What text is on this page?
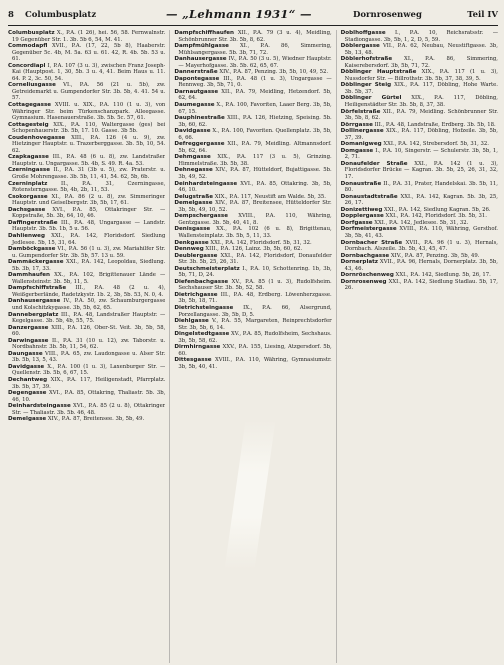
8 Columbusplatz	— „Lehmann 1931“ —	Dornrosenweg	Teil IV

Columbusplatz X., P.A. (1 26), hei. 56, 58. Fernwalnstr. 19 Gegenüber Str. 1. 3b. 5b 6, 54, M. 41.

Commodapfl XVII., P.A. (17, 22, 5b 8), Haaberstr. Gegenüber 5c. 4b, M. 5a. 63 u. 61. 42, R. 4b. 5b. 53 u. 61.

Concordiapl I, P.A. 107 (3 u. 3), zwischen Franz Joseph-Kai (Hauptpost. 1, 30, 5b. 3 u. 4, 41. Beim Haus u. 11. 64. P. 2, 3c. 50, 54.

Corneliusgasse VI., P.A. 56 (21 u. 5b), zw. Getreidemarkt u. Gumpendorfer Str. 3b. 5b, 4. 41. 54 u. 57.

Cottagegasse XVIII. u. XIX., P.A. 110 (1 u. 3), von Währinger Str. beim Türkenschanzpark. Alleegasse. Gymnasium. Hasenauerstraße. 3b. 5b. 5c. 57, 61.

Cottagesteig XIX., P.A. 110, Waltergasse (ges) bei Schopenhauerstr. 3b. 5b, 17. 10. Gasse. 3b 5b.

Coudenhovegasse XIII., P.A. 126 (4 u. 9), zw. Hietzinger Hauptstr. u. Trazerberggasse. 3b. 5b, 10, 54. 62.

Czapkagasse III., P.A. 48 (6 u. 8), zw. Landstraßer Hauptstr. u. Ungargasse. 5b. 4b, S. 49. R. 4a. 53.

Czerningasse II., P.A. 31 (3b u. 5), zw. Praterstr. u. Große Mohrengasse. 3b. 5b, 11, 41, 54. 62, 5b, 6b.

Czerninplatz	II., P.A. 31, Czerningasse, Rotensterngasse. 5b, 4b, 2b, 11, 53.

Csokorgasse XI., P.A. 86 (2 u. 8), zw. Simmeringer Hauptstr. und Geiselbergstr. 3b, 5b, 17, 61.

Dachsgasse XVI., P.A. 85, Ottakringer Str. — Koppstraße, 5b. 3b, 64, 10, 46.

Daffingerstraße III., P.A. 48, Ungargasse — Landstr. Hauptstr. 3b. 5b. 1b, 5 u. 56.

Dahlienweg XXI., P.A. 142, Floridsdorf. Siedlung Jedlesee. 5b, 15, 31, 64.

Damböckgasse VI., P.A. 56 (1 u. 3), zw. Mariahilfer Str. u. Gumpendorfer Str. 3b. 5b, 57. 13 u. 59.

Dammäckergasse XXI., P.A. 142, Leopoldau, Siedlung. 5b. 3b, 17, 33.

Dammhaufen XX., P.A. 102, Brigittenauer Lände — Wallensteinstr. 3b. 5b, 11, 5.

Dampfschiffstraße III., P.A. 48 (2 u. 4), Weißgerberlände, Radetzkystr. 1b. 2, 3b, 5b. 53, N. 0, 4.

Danhausergasse IV., P.A. 50, zw. Schaumburgergasse und Kolschitzkygasse. 3b, 5b, 62, 65.

Dannebergplatz III., P.A. 48, Landstraßer Hauptstr. — Kegelgasse. 3b. 5b, 4b, 55, 75.

Danzergasse XIII., P.A. 126, Ober-St. Veit. 3b, 5b, 58, 60.

Darwingasse II., P.A. 31 (10 u. 12), zw. Taborstr. u. Nordbahnstr. 3b. 5b, 11, 54, 62.

Daungasse VIII., P.A. 65, zw. Laudongasse u. Alser Str. 3b. 5b, 13, 5, 43.

Davidgasse X., P.A. 100 (1 u. 3), Laxenburger Str. — Quellenstr. 3b. 5b, 6, 67, 15.

Dechantweg XIX., P.A. 117, Heiligenstadt, Pfarrplatz. 3b. 5b, 37, 39.

Degengasse XVI., P.A. 85, Ottakring, Thaliastr. 5b. 3b, 46, 10.

Deinhardsteingasse XVI., P.A. 85 (2 u. 8), Ottakringer Str. — Thaliastr. 3b. 5b. 46, 48.

Demelgasse XIV., P.A. 87, Breitensee. 3b, 5b, 49.

Dampfschiffhaufen XII., P.A. 79 (3 u. 4), Meidling, Schönbrunner Str. 3b. 5b, 8, 62.

Dampfmühlgasse XI., P.A. 86, Simmering, Mühlsangergasse. 5b. 3b, 71, 72.

Danhausergasse IV., P.A. 50 (3 u. 5), Wiedner Hauptstr. — Mayerhofgasse. 3b. 5b. 62, 65, 67.

Dannerstraße XIV., P.A. 87, Penzing. 3b, 5b, 10, 49, 52.

Dapontegasse III., P.A. 48 (1 u. 3), Ungargasse — Rennweg. 3b, 5b, 71, 0.

Darnautgasse XII., P.A. 79, Meidling, Hetzendorf. 5b, 62, 64.

Daumegasse X., P.A. 100, Favoriten, Laaer Berg. 3b, 5b, 67, 15.

Dauphinestraße XIII., P.A. 126, Hietzing, Speising. 5b. 3b, 60, 62.

Davidgasse X., P.A. 100, Favoriten. Quellenplatz. 3b, 5b, 6, 66.

Defreggergasse XII., P.A. 79, Meidling. Altmannsdorf. 5b, 62, 64.

Dehmgasse XIX., P.A. 117 (3 u. 5), Grinzing. Himmelstraße. 3b. 5b, 38.

Dehnegasse XIV., P.A. 87, Hütteldorf, Bujattigasse. 5b. 3b, 49, 52.

Deinhardsteingasse XVI., P.A. 85, Ottakring. 3b, 5b, 46, 10.

Delugstraße XIX., P.A. 117, Neustift am Walde. 5b, 35.

Demelgasse XIV., P.A. 87, Breitensee, Hütteldorfer Str. 3b, 5b, 49, 10, 52.

Dempschergasse XVIII., P.A. 110, Währing, Gentzgasse. 3b. 5b, 40, 41, 8.

Denisgasse XX., P.A. 102 (6 u. 8), Brigittenau, Wallensteinplatz. 3b. 5b, 5, 11, 33.

Denkgasse XXI., P.A. 142, Floridsdorf. 5b, 31, 32.

Dennweg XIII., P.A. 126, Lainz. 3b, 5b, 60, 62.

Deublergasse XXI., P.A. 142, Floridsdorf, Donaufelder Str. 3b. 5b, 25, 26, 31.

Deutschmeisterplatz I., P.A. 10, Schottenring. 1b, 3b, 5b, 71, D, 24.

Diefenbachgasse XV., P.A. 85 (1 u. 3), Rudolfsheim. Sechshauser Str. 3b. 5b, 52, 58.

Dietrichgasse III., P.A. 48, Erdberg. Löwenherzgasse. 3b, 5b, 18, 71.

Dietrichsteingasse IX., P.A. 66, Alsergrund, Porzellangasse. 3b, 5b, D, 5.

Diehlgasse V., P.A. 55, Margareten, Reinprechtsdorfer Str. 3b, 5b, 6, 14.

Dingelstedtgasse XV., P.A. 85, Rudolfsheim, Sechshaus. 3b, 5b, 58, 62.

Dirmhirngasse XXV., P.A. 155, Liesing, Atzgersdorf. 5b, 60.

Dittesgasse XVIII., P.A. 110, Währing, Gymnasiumstr. 3b, 5b, 40, 41.

Doblhoffgasse I., P.A. 10, Reichsratsstr. — Stadiongasse. 3b, 5b, 1, 2, D, 5, 59.

Döblergasse VII., P.A. 62, Neubau, Neustiftgasse. 3b, 5b, 13, 48.

Döblerhofstraße XI., P.A. 86, Simmering, Kaiserebersdorf. 3b, 5b, 71, 72.

Döblinger Hauptstraße XIX., P.A. 117 (1 u. 3), Nussdorfer Str. — Billrothstr. 3b. 5b, 37, 38, 39, 5.

Döblinger Steig XIX., P.A. 117, Döbling, Hohe Warte. 3b. 5b, 37.

Döblinger Gürtel XIX., P.A. 117, Döbling, Heiligenstädter Str. 3b. 5b, 8, 37, 38.

Dörfelstraße XII., P.A. 79, Meidling. Schönbrunner Str. 3b, 5b, 8, 62.

Dörrgasse III., P.A. 48, Landstraße, Erdberg. 3b. 5b, 18.

Dollinergasse XIX., P.A. 117, Döbling, Hofzeile. 3b, 5b, 37, 39.

Domanigweg XXI., P.A. 142, Strebersdorf. 5b, 31, 32.

Domgasse I., P.A. 10, Singerstr. — Schulerstr. 3b, 5b, 1, 2, 71.

Donaufelder Straße XXI., P.A. 142 (1 u. 3), Floridsdorfer Brücke — Kagran. 3b. 5b, 25, 26, 31, 32, 17.

Donaustraße II., P.A. 31, Prater, Handelskai. 3b. 5b, 11, 80.

Donaustadtstraße XXI., P.A. 142, Kagran. 5b. 3b, 25, 26, 17.

Donizettiweg XXI., P.A. 142, Siedlung Kagran. 5b, 26.

Dopplergasse XXI., P.A. 142, Floridsdorf. 3b. 5b, 31.

Dorfgasse XXI., P.A. 142, Jedlesee. 5b, 31, 32.

Dorfmeistergasse XVIII., P.A. 110, Währing, Gersthof. 3b, 5b, 41, 43.

Dornbacher Straße XVII., P.A. 96 (1 u. 3), Hernals, Dornbach. Alszeile. 3b. 5b, 43, 45, 47.

Dornbachgasse XIV., P.A. 87, Penzing. 3b, 5b, 49.

Dornerplatz XVII., P.A. 96, Hernals, Dornerplatz. 3b, 5b, 43, 46.

Dornröschenweg XXI., P.A. 142, Siedlung. 5b, 26, 17.

Dornrosenweg XXI., P.A. 142, Siedlung Stadlau. 5b, 17, 26.
